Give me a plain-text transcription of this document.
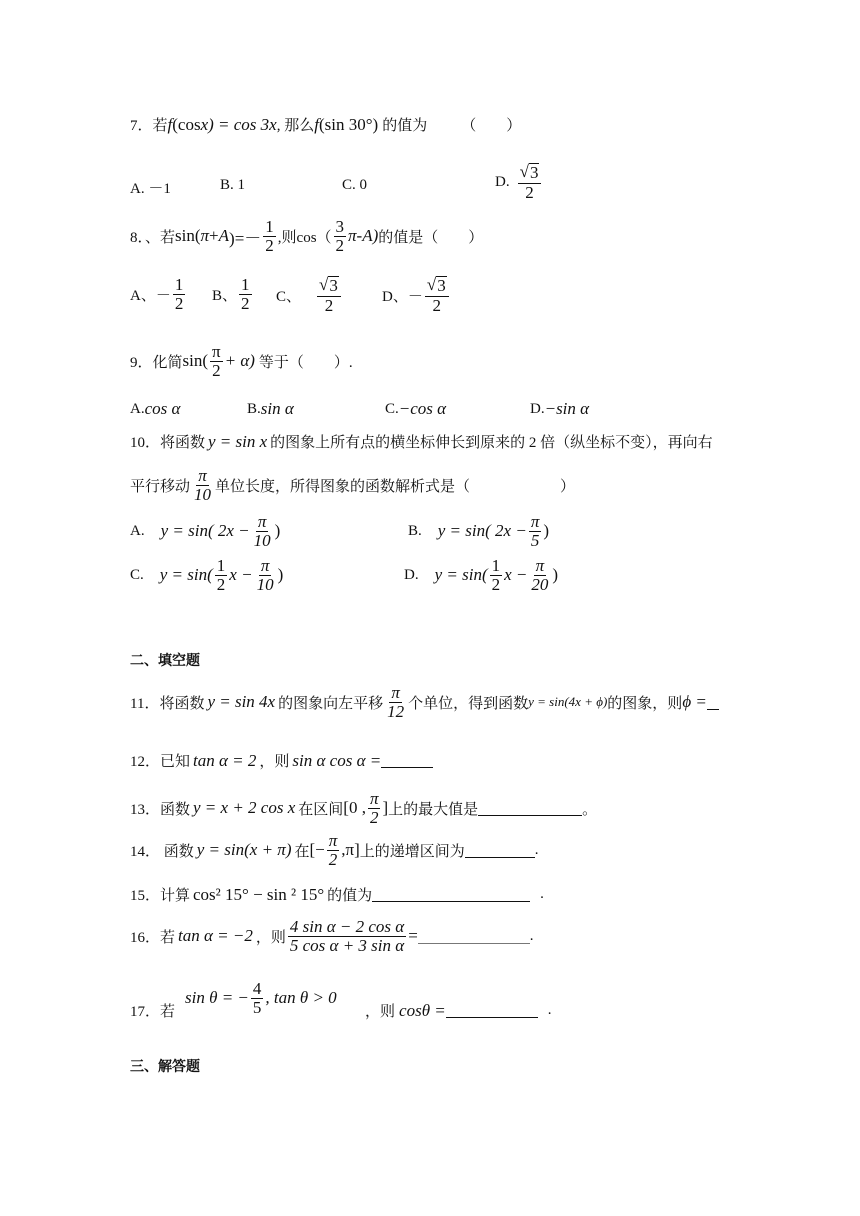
7．若 f (cos x) = cos 3 x , 那么 f (sin 30°) 的值为 （　　）
A. －1	B. 1	C. 0	D. $\frac{√ 3}{2}$
8．、若 sin( π + A )=－ $\frac{1}{2}$ ,则$\cos( \frac{3}{2} \pi-A)$ 的值是（　　）
A、－ $\frac{1}{2}$ B、 $\frac{1}{2}$ C、 $\frac{√ 3}{2}$	D、－ $\frac{√ 3}{2}$
9．化简 $\sin( \frac{\pi}{2} + \alpha)$ 等于（　　）.
A. cos α	B. sin α	C. −cos α	D. −sin α
10．将函数 y = sin x 的图象上所有点的横坐标伸长到原来的 2 倍（纵坐标不变），再向右
平行移动 $\frac{\pi}{10}$ 单位长度，所得图象的函数解析式是（　　　　　　）
A. y = sin( $2x - \frac{\pi}{10}$ )	B. y = sin( $2x - \frac{\pi}{5}$ )
C. $y = \sin( \frac{1}{2}$ $x - \frac{\pi}{10}$ )	D. $y = \sin( \frac{1}{2}$ $x - \frac{\pi}{20}$ )
二、填空题
11．将函数 y = sin 4x 的图象向左平移 $\frac{\pi}{12}$ 个单位，得到函数 y = sin(4x + ϕ) 的图象，则 ϕ =
12．已知 tan α = 2 ，则 sin α cos α =
13．函数 y = x + 2 cos x 在区间 [0 , $\frac{\pi}{2}$ ] 上的最大值是	。
14． 函数 y = sin(x + π) 在 [− $\frac{\pi}{2} ,\pi$] 上的递增区间为	.
15．计算 cos² 15° − sin ² 15° 的值为	.
16．若 tan α = −2 ，则 $\frac{\text{4 sin α − 2 cos α}}{\text{5 cos α + 3 sin α}}$ =	.
sin θ = − $\frac{4}{5}$ , tan θ > 0
17．若	，则 cosθ =	.
三、解答题
